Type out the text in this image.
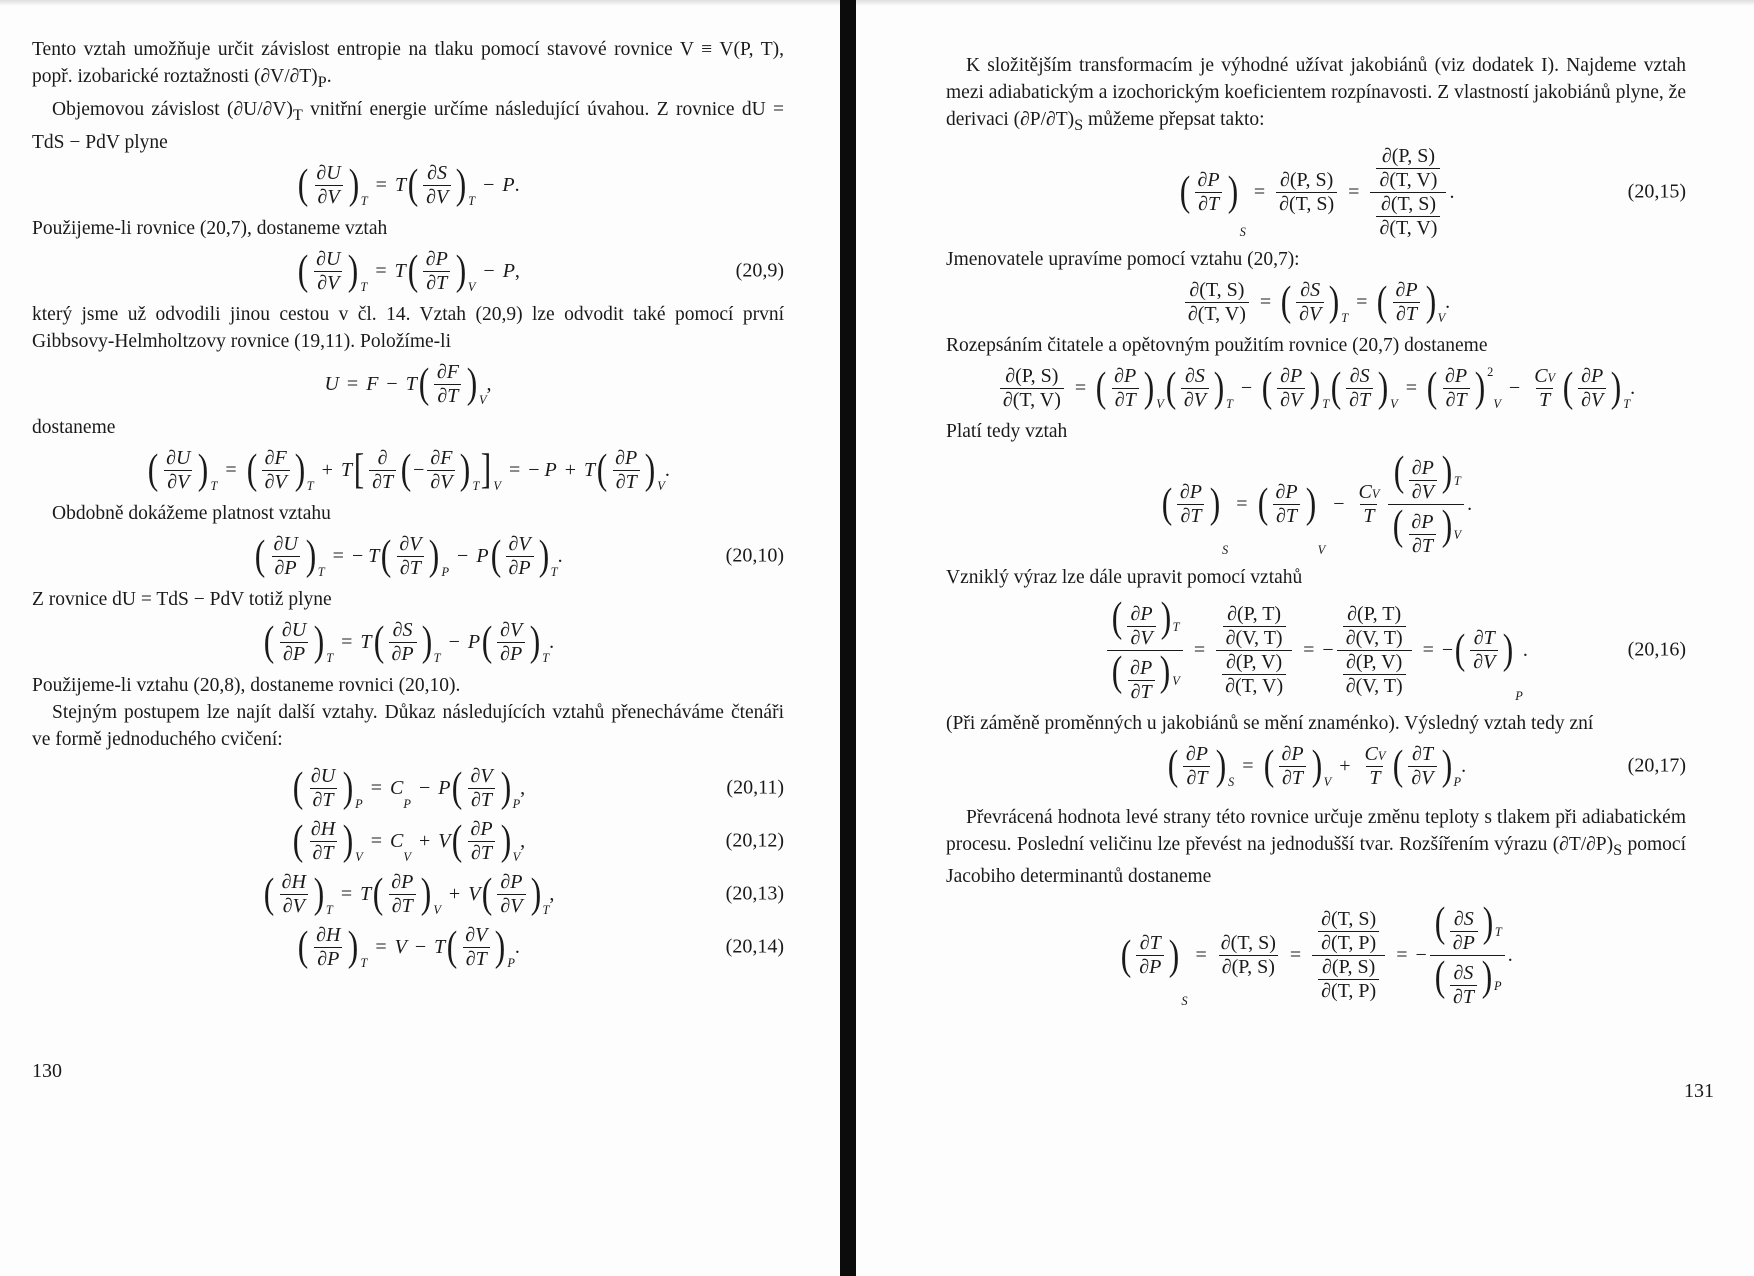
Tento vztah umožňuje určit závislost entropie na tlaku pomocí stavové rovnice V ≡ V(P, T), popř. izobarické roztažnosti $(\partial V/\partial T)_P$.

Objemovou závislost $(\partial U/\partial V)_T$ vnitřní energie určíme následující úvahou. Z rovnice dU = TdS − PdV plyne

( $\frac{\partial U}{\partial V}$ ) T
= T ( $\frac{\partial S}{\partial V}$ ) T
− P .

Použijeme-li rovnice (20,7), dostaneme vztah

( $\frac{\partial U}{\partial V}$ ) T
= T ( $\frac{\partial P}{\partial T}$ ) V
− P ,	(20,9)

který jsme už odvodili jinou cestou v čl. 14. Vztah (20,9) lze odvodit také pomocí první Gibbsovy-Helmholtzovy rovnice (19,11). Položíme-li

U = F − T ( $\frac{\partial F}{\partial T}$ ) V
,

dostaneme

( $\frac{\partial U}{\partial V}$ ) T
= ( $\frac{\partial F}{\partial V}$ ) T
+ T [ $\frac{\partial}{\partial T}$ ( − $\frac{\partial F}{\partial V}$ ) T ] V
= −
P + T ( $\frac{\partial P}{\partial T}$ ) V
.

Obdobně dokážeme platnost vztahu

( $\frac{\partial U}{\partial P}$ ) T
= −
T ( $\frac{\partial V}{\partial T}$ ) P
− P ( $\frac{\partial V}{\partial P}$ ) T
.	(20,10)

Z rovnice dU = TdS − PdV totiž plyne

( $\frac{\partial U}{\partial P}$ ) T
= T ( $\frac{\partial S}{\partial P}$ ) T
− P ( $\frac{\partial V}{\partial P}$ ) T
.

Použijeme-li vztahu (20,8), dostaneme rovnici (20,10).

Stejným postupem lze najít další vztahy. Důkaz následujících vztahů přenecháváme čtenáři ve formě jednoduchého cvičení:

( $\frac{\partial U}{\partial T}$ ) P
= C
P
− P ( $\frac{\partial V}{\partial T}$ ) P
,	(20,11)
( $\frac{\partial H}{\partial T}$ ) V
= C
V
+ V ( $\frac{\partial P}{\partial T}$ ) V
,	(20,12)
( $\frac{\partial H}{\partial V}$ ) T
= T ( $\frac{\partial P}{\partial T}$ ) V
+ V ( $\frac{\partial P}{\partial V}$ ) T
,	(20,13)
( $\frac{\partial H}{\partial P}$ ) T
= V − T ( $\frac{\partial V}{\partial T}$ ) P
.	(20,14)
130

K složitějším transformacím je výhodné užívat jakobiánů (viz dodatek I). Najdeme vztah mezi adiabatickým a izochorickým koeficientem rozpínavosti. Z vlastností jakobiánů plyne, že derivaci $(\partial P/\partial T)_S$ můžeme přepsat takto:

( $\frac{\partial P}{\partial T}$ )
S
= $\frac{\partial(P, S)}{\partial(T, S)} = \frac{\frac{\partial(P, S)}{\partial(T, V)}}{\frac{\partial(T, S)}{\partial(T, V)}}$ .	(20,15)

Jmenovatele upravíme pomocí vztahu (20,7):

$\frac{\partial(T, S)}{\partial(T, V)}$ = ( $\frac{\partial S}{\partial V}$ ) T
= ( $\frac{\partial P}{\partial T}$ ) V
.

Rozepsáním čitatele a opětovným použitím rovnice (20,7) dostaneme

$\frac{\partial(P, S)}{\partial(T, V)}$ = ( $\frac{\partial P}{\partial T}$ ) V ( $\frac{\partial S}{\partial V}$ ) T
− ( $\frac{\partial P}{\partial V}$ ) T ( $\frac{\partial S}{\partial T}$ ) V
= ( $\frac{\partial P}{\partial T}$ ) 2
V
− $\frac{CV}{T}$ ( $\frac{\partial P}{\partial V}$ ) T
.

Platí tedy vztah

( $\frac{\partial P}{\partial T}$ )
S
= ( $\frac{\partial P}{\partial T}$ )
V
− $\frac{CV}{T} \frac{( \frac{\partial P}{\partial V} ) T}{( \frac{\partial P}{\partial T} ) V}$ .

Vzniklý výraz lze dále upravit pomocí vztahů

$\frac{( \frac{\partial P}{\partial V} ) T}{( \frac{\partial P}{\partial T} ) V} = \frac{\frac{\partial(P, T)}{\partial(V, T)}}{\frac{\partial(P, V)}{\partial(T, V)}}$ = − $\frac{\frac{\partial(P, T)}{\partial(V, T)}}{\frac{\partial(P, V)}{\partial(V, T)}}$ = − ( $\frac{\partial T}{\partial V}$ )
P
.	(20,16)

(Při záměně proměnných u jakobiánů se mění znaménko). Výsledný vztah tedy zní

( $\frac{\partial P}{\partial T}$ ) S
= ( $\frac{\partial P}{\partial T}$ ) V
+ $\frac{CV}{T}$ ( $\frac{\partial T}{\partial V}$ ) P
.	(20,17)

Převrácená hodnota levé strany této rovnice určuje změnu teploty s tlakem při adiabatickém procesu. Poslední veličinu lze převést na jednodušší tvar. Rozšířením výrazu $(\partial T/\partial P)_S$ pomocí Jacobiho determinantů dostaneme

( $\frac{\partial T}{\partial P}$ )
S
= $\frac{\partial(T, S)}{\partial(P, S)} = \frac{\frac{\partial(T, S)}{\partial(T, P)}}{\frac{\partial(P, S)}{\partial(T, P)}}$ = − $\frac{( \frac{\partial S}{\partial P} ) T}{( \frac{\partial S}{\partial T} ) P}$ .
131
